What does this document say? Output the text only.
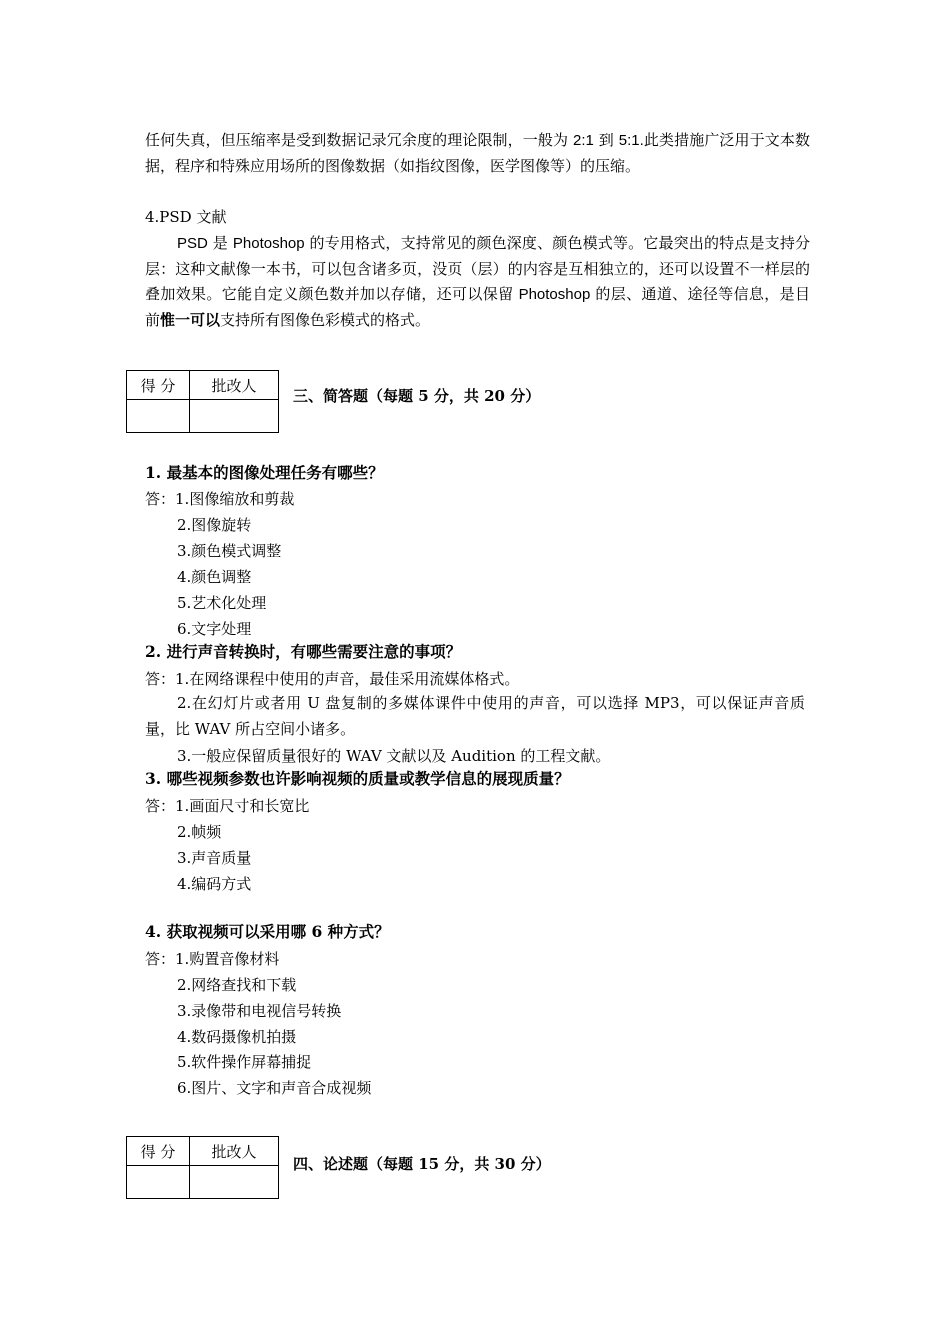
任何失真，但压缩率是受到数据记录冗余度的理论限制，一般为 2:1 到 5:1.此类措施广泛用于文本数据，程序和特殊应用场所的图像数据（如指纹图像，医学图像等）的压缩。
4.PSD 文献
PSD 是 Photoshop 的专用格式，支持常见的颜色深度、颜色模式等。它最突出的特点是支持分层：这种文献像一本书，可以包含诸多页，没页（层）的内容是互相独立的，还可以设置不一样层的叠加效果。它能自定义颜色数并加以存储，还可以保留 Photoshop 的层、通道、途径等信息，是目前惟一可以支持所有图像色彩模式的格式。
得 分	批改人

三、简答题（每题 5 分，共 20 分）
1. 最基本的图像处理任务有哪些？
答：1.图像缩放和剪裁
2.图像旋转
3.颜色模式调整
4.颜色调整
5.艺术化处理
6.文字处理
2. 进行声音转换时，有哪些需要注意的事项？
答：1.在网络课程中使用的声音，最佳采用流媒体格式。
2.在幻灯片或者用 U 盘复制的多媒体课件中使用的声音，可以选择 MP3，可以保证声音质量，比 WAV 所占空间小诸多。
3.一般应保留质量很好的 WAV 文献以及 Audition 的工程文献。
3. 哪些视频参数也许影响视频的质量或教学信息的展现质量？
答：1.画面尺寸和长宽比
2.帧频
3.声音质量
4.编码方式
4. 获取视频可以采用哪 6 种方式？
答：1.购置音像材料
2.网络查找和下载
3.录像带和电视信号转换
4.数码摄像机拍摄
5.软件操作屏幕捕捉
6.图片、文字和声音合成视频
得 分	批改人

四、论述题（每题 15 分，共 30 分）
